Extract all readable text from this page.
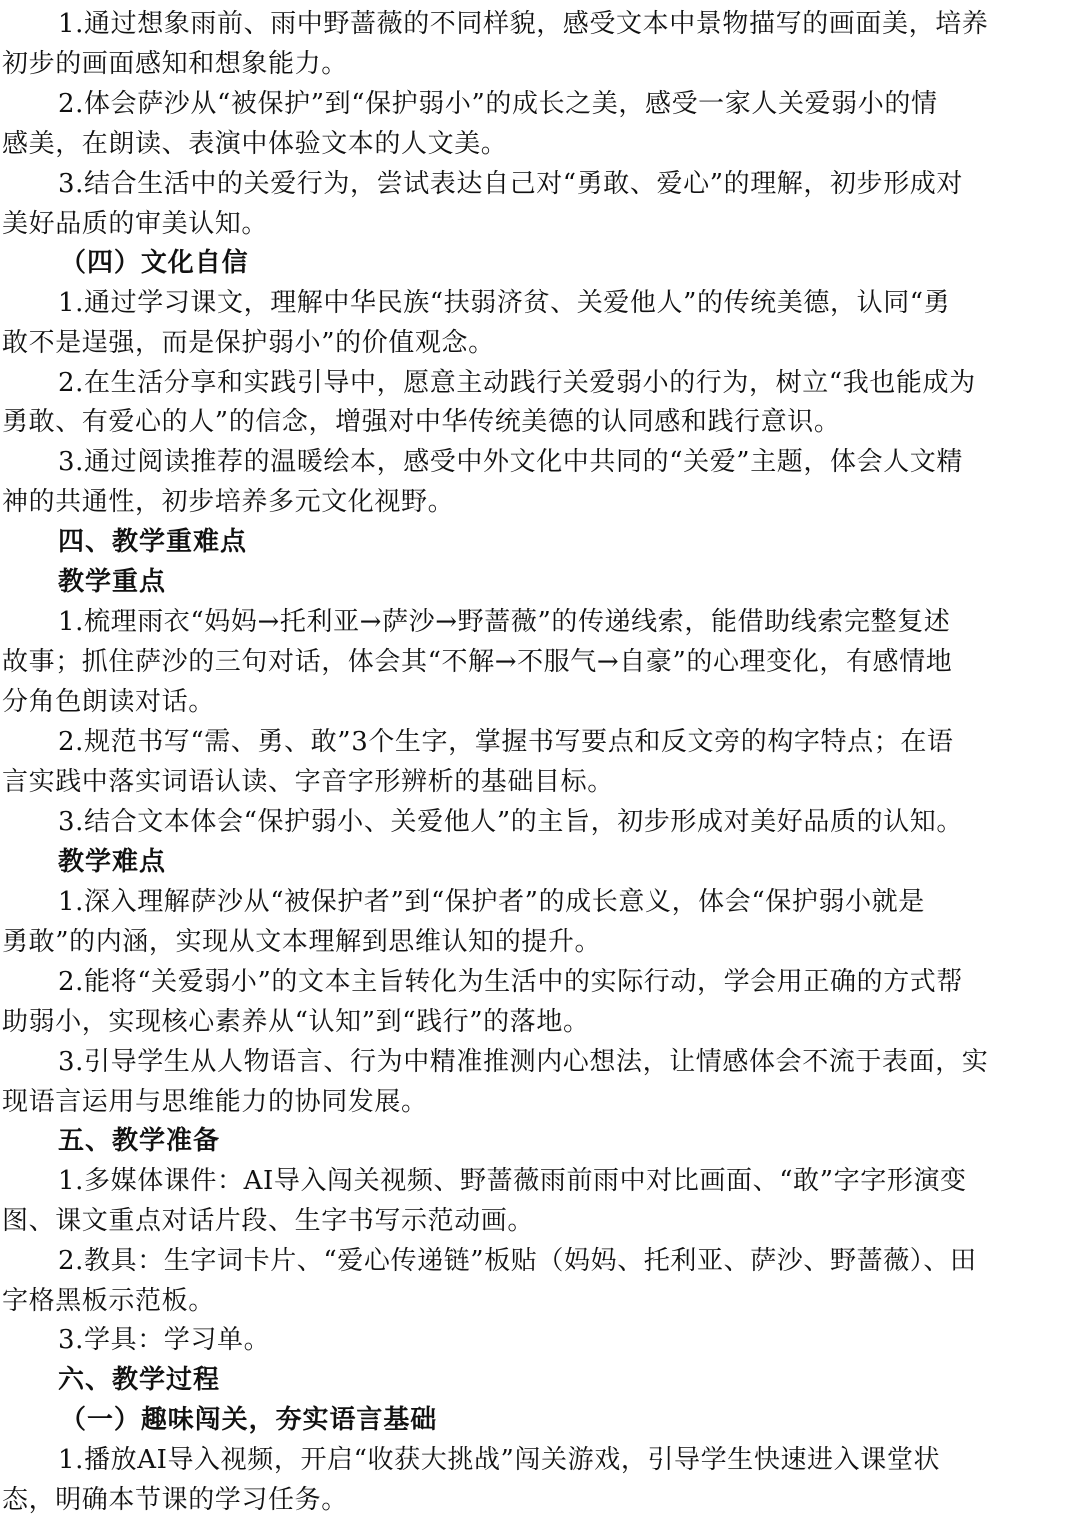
1.通过想象雨前、雨中野蔷薇的不同样貌，感受文本中景物描写的画面美，培养
初步的画面感知和想象能力。
2.体会萨沙从“被保护”到“保护弱小”的成长之美，感受一家人关爱弱小的情
感美，在朗读、表演中体验文本的人文美。
3.结合生活中的关爱行为，尝试表达自己对“勇敢、爱心”的理解，初步形成对
美好品质的审美认知。
（四）文化自信
1.通过学习课文，理解中华民族“扶弱济贫、关爱他人”的传统美德，认同“勇
敢不是逞强，而是保护弱小”的价值观念。
2.在生活分享和实践引导中，愿意主动践行关爱弱小的行为，树立“我也能成为
勇敢、有爱心的人”的信念，增强对中华传统美德的认同感和践行意识。
3.通过阅读推荐的温暖绘本，感受中外文化中共同的“关爱”主题，体会人文精
神的共通性，初步培养多元文化视野。
四、教学重难点
教学重点
1.梳理雨衣“妈妈→托利亚→萨沙→野蔷薇”的传递线索，能借助线索完整复述
故事；抓住萨沙的三句对话，体会其“不解→不服气→自豪”的心理变化，有感情地
分角色朗读对话。
2.规范书写“需、勇、敢”3个生字，掌握书写要点和反文旁的构字特点；在语
言实践中落实词语认读、字音字形辨析的基础目标。
3.结合文本体会“保护弱小、关爱他人”的主旨，初步形成对美好品质的认知。
教学难点
1.深入理解萨沙从“被保护者”到“保护者”的成长意义，体会“保护弱小就是
勇敢”的内涵，实现从文本理解到思维认知的提升。
2.能将“关爱弱小”的文本主旨转化为生活中的实际行动，学会用正确的方式帮
助弱小，实现核心素养从“认知”到“践行”的落地。
3.引导学生从人物语言、行为中精准推测内心想法，让情感体会不流于表面，实
现语言运用与思维能力的协同发展。
五、教学准备
1.多媒体课件：AI导入闯关视频、野蔷薇雨前雨中对比画面、“敢”字字形演变
图、课文重点对话片段、生字书写示范动画。
2.教具：生字词卡片、“爱心传递链”板贴（妈妈、托利亚、萨沙、野蔷薇）、田
字格黑板示范板。
3.学具：学习单。
六、教学过程
（一）趣味闯关，夯实语言基础
1.播放AI导入视频，开启“收获大挑战”闯关游戏，引导学生快速进入课堂状
态，明确本节课的学习任务。
